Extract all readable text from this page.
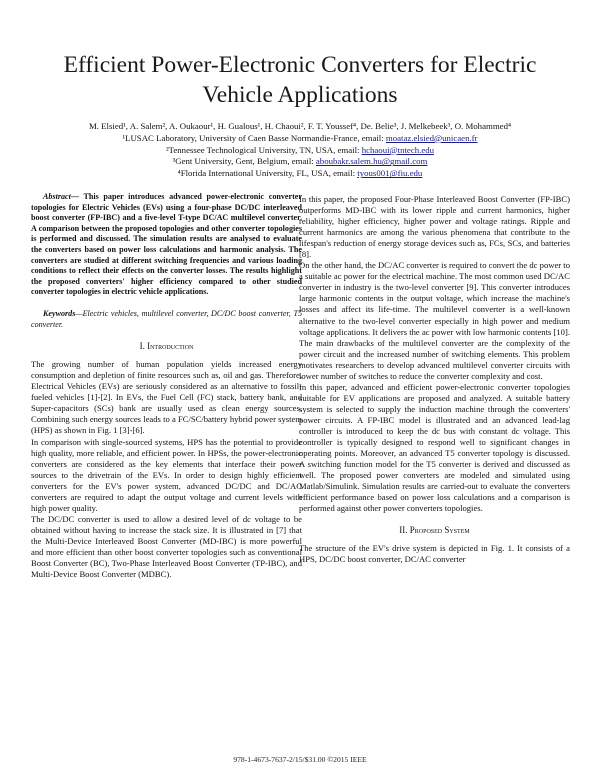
Efficient Power-Electronic Converters for Electric Vehicle Applications
M. Elsied¹, A. Salem², A. Oukaour¹, H. Gualous¹, H. Chaoui², F. T. Youssef⁴, De. Belie³, J. Melkebeek³, O. Mohammed⁴
¹LUSAC Laboratory, University of Caen Basse Normandie-France, email: moataz.elsied@unicaen.fr
²Tennessee Technological University, TN, USA, email: hchaoui@tntech.edu
³Gent University, Gent, Belgium, email: aboubakr.salem.hu@gmail.com
⁴Florida International University, FL, USA, email: tyous001@fiu.edu

Abstract— This paper introduces advanced power-electronic converter topologies for Electric Vehicles (EVs) using a four-phase DC/DC interleaved boost converter (FP-IBC) and a five-level T-type DC/AC multilevel converter. A comparison between the proposed topologies and other converter topologies is performed and discussed. The simulation results are analysed to evaluate the converters based on power loss calculations and harmonic analysis. The converters are studied at different switching frequencies and various loading conditions to reflect their effects on the converter losses. The results highlight the proposed converters' higher efficiency compared to other studied converter topologies in electric vehicle applications.

Keywords—Electric vehicles, multilevel converter, DC/DC boost converter, T5 converter.

I. Introduction

The growing number of human population yields increased energy consumption and depletion of finite resources such as, oil and gas. Therefore, Electrical Vehicles (EVs) are seriously considered as an alternative to fossil-fueled vehicles [1]-[2]. In EVs, the Fuel Cell (FC) stack, battery bank, and Super-capacitors (SCs) bank are usually used as clean energy sources. Combining such energy sources leads to a FC/SC/battery hybrid power system (HPS) as shown in Fig. 1 [3]-[6].

In comparison with single-sourced systems, HPS has the potential to provide high quality, more reliable, and efficient power. In HPSs, the power-electronic converters are considered as the key elements that interface their power sources to the drivetrain of the EVs. In order to design highly efficient converters for the EV's power system, advanced DC/DC and DC/AC converters are required to adapt the output voltage and current levels with high power quality.

The DC/DC converter is used to allow a desired level of dc voltage to be obtained without having to increase the stack size. It is illustrated in [7] that the Multi-Device Interleaved Boost Converter (MD-IBC) is more powerful and more efficient than other boost converter topologies such as conventional Boost Converter (BC), Two-Phase Interleaved Boost Converter (TP-IBC), and Multi-Device Boost Converter (MDBC).

In this paper, the proposed Four-Phase Interleaved Boost Converter (FP-IBC) outperforms MD-IBC with its lower ripple and current harmonics, higher reliability, higher efficiency, higher power and voltage ratings. Ripple and current harmonics are among the various phenomena that contribute to the lifespan's reduction of energy storage devices such as, FCs, SCs, and batteries [8].

On the other hand, the DC/AC converter is required to convert the dc power to a suitable ac power for the electrical machine. The most common used DC/AC converter in industry is the two-level converter [9]. This converter introduces large harmonic contents in the output voltage, which increase the machine's losses and affect its life-time. The multilevel converter is a well-known alternative to the two-level converter especially in high power and medium voltage applications. It delivers the ac power with low harmonic contents [10]. The main drawbacks of the multilevel converter are the complexity of the power circuit and the increased number of switching elements. This problem motivates researchers to develop advanced multilevel converter circuits with lower number of switches to reduce the converter complexity and cost.

In this paper, advanced and efficient power-electronic converter topologies suitable for EV applications are proposed and analyzed. A suitable battery system is selected to supply the induction machine through the converters' power circuits. A FP-IBC model is illustrated and an advanced lead-lag controller is introduced to keep the dc bus with constant dc voltage. This controller is typically designed to respond well to significant changes in operating points. Moreover, an advanced T5 converter topology is discussed. A switching function model for the T5 converter is derived and discussed as well. The proposed power converters are modeled and simulated using Matlab/Simulink. Simulation results are carried-out to evaluate the converters efficient performance based on power loss calculations and a comparison is performed against other power converters topologies.

II. Proposed System

The structure of the EV's drive system is depicted in Fig. 1. It consists of a HPS, DC/DC boost converter, DC/AC converter

978-1-4673-7637-2/15/$31.00 ©2015 IEEE
